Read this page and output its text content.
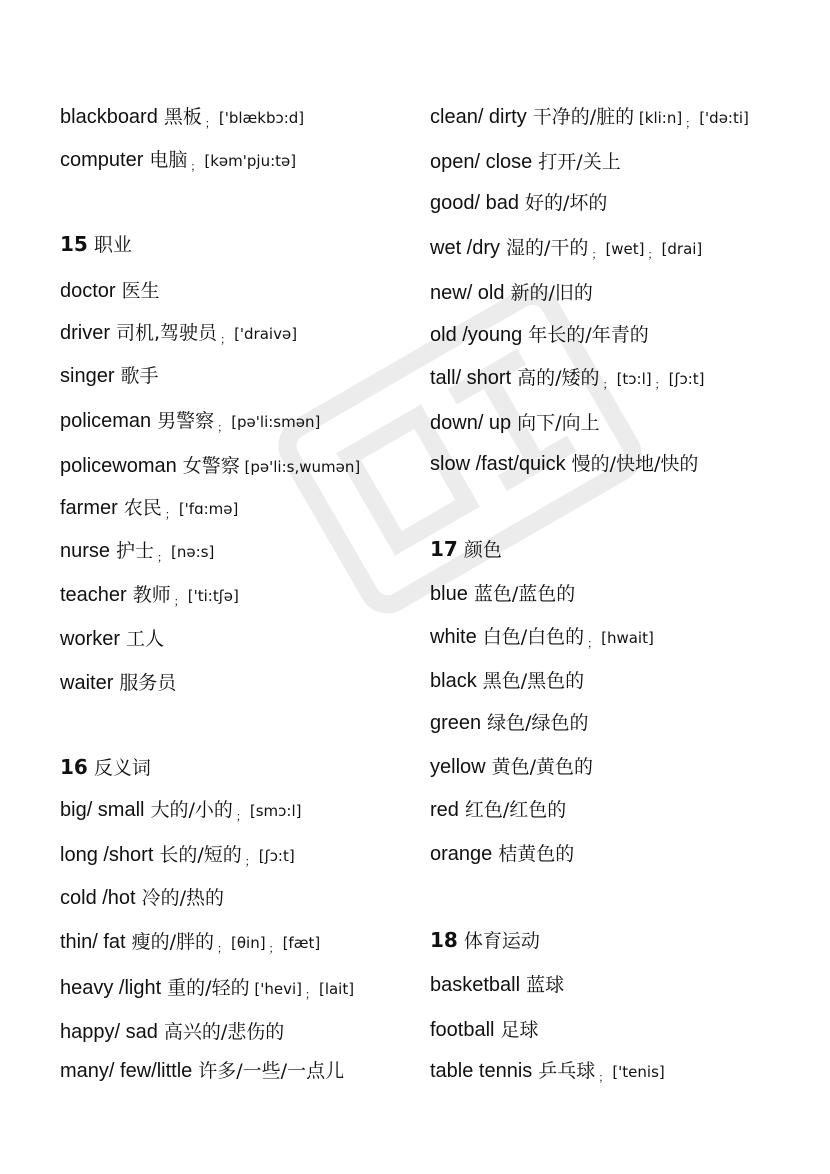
blackboard 黑板 $_;$ ['blækbɔ:d]
computer 电脑 $_;$ [kəm'pju:tə]
15 职业
doctor 医生
driver 司机,驾驶员 $_;$ ['draivə]
singer 歌手
policeman 男警察 $_;$ [pə'li:smən]
policewoman 女警察 [pə'li:s,wumən]
farmer 农民 $_;$ ['fɑ:mə]
nurse 护士 $_;$ [nə:s]
teacher 教师 $_;$ ['ti:tʃə]
worker 工人
waiter 服务员
16 反义词
big/ small 大的/小的 $_;$ [smɔ:l]
long /short 长的/短的 $_;$ [ʃɔ:t]
cold /hot 冷的/热的
thin/ fat 瘦的/胖的 $_;$ [θin] $_;$ [fæt]
heavy /light 重的/轻的 ['hevi] $_;$ [lait]
happy/ sad 高兴的/悲伤的
many/ few/little 许多/一些/一点儿
clean/ dirty 干净的/脏的 [kli:n] $_;$ ['də:ti]
open/ close 打开/关上
good/ bad 好的/坏的
wet /dry 湿的/干的 $_;$ [wet] $_;$ [drai]
new/ old 新的/旧的
old /young 年长的/年青的
tall/ short 高的/矮的 $_;$ [tɔ:l] $_;$ [ʃɔ:t]
down/ up 向下/向上
slow /fast/quick 慢的/快地/快的
17 颜色
blue 蓝色/蓝色的
white 白色/白色的 $_;$ [hwait]
black 黑色/黑色的
green 绿色/绿色的
yellow 黄色/黄色的
red 红色/红色的
orange 桔黄色的
18 体育运动
basketball 蓝球
football 足球
table tennis 乒乓球 $_;$ ['tenis]
